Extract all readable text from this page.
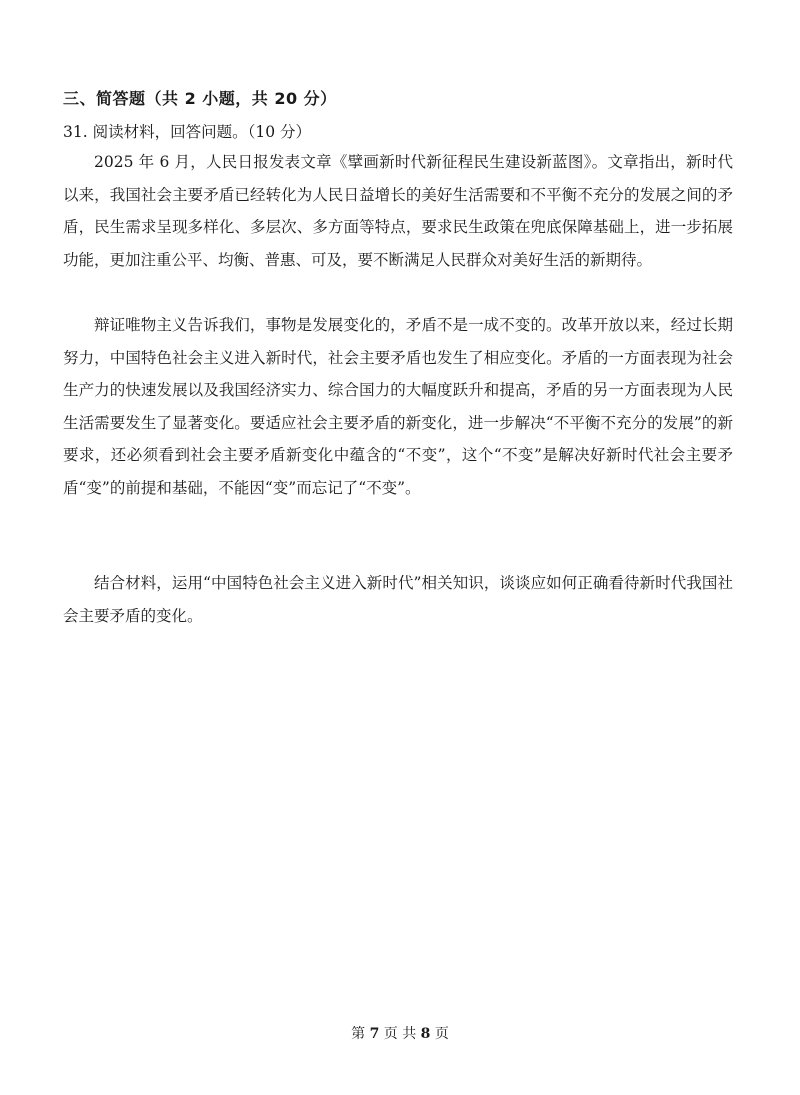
三、简答题（共 2 小题，共 20 分）

31. 阅读材料，回答问题。（10 分）

2025 年 6 月，人民日报发表文章《擘画新时代新征程民生建设新蓝图》。文章指出，新时代以来，我国社会主要矛盾已经转化为人民日益增长的美好生活需要和不平衡不充分的发展之间的矛盾，民生需求呈现多样化、多层次、多方面等特点，要求民生政策在兜底保障基础上，进一步拓展功能，更加注重公平、均衡、普惠、可及，要不断满足人民群众对美好生活的新期待。

辩证唯物主义告诉我们，事物是发展变化的，矛盾不是一成不变的。改革开放以来，经过长期努力，中国特色社会主义进入新时代，社会主要矛盾也发生了相应变化。矛盾的一方面表现为社会生产力的快速发展以及我国经济实力、综合国力的大幅度跃升和提高，矛盾的另一方面表现为人民生活需要发生了显著变化。要适应社会主要矛盾的新变化，进一步解决“不平衡不充分的发展”的新要求，还必须看到社会主要矛盾新变化中蕴含的“不变”，这个“不变”是解决好新时代社会主要矛盾“变”的前提和基础，不能因“变”而忘记了“不变”。

结合材料，运用“中国特色社会主义进入新时代”相关知识，谈谈应如何正确看待新时代我国社会主要矛盾的变化。

第 7 页 共 8 页
